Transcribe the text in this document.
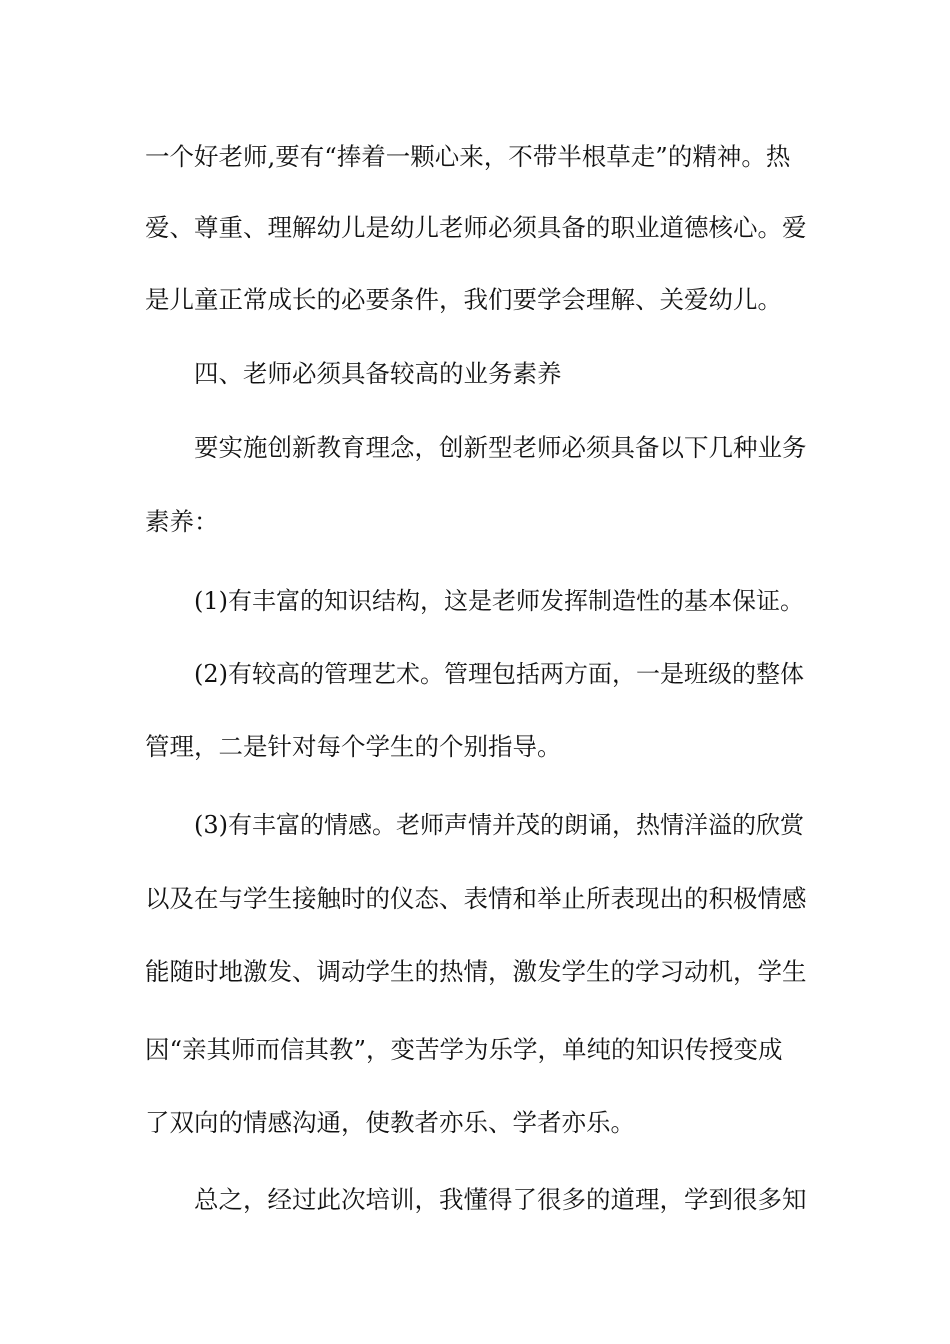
一个好老师,要有“捧着一颗心来，不带半根草走”的精神。热
爱、尊重、理解幼儿是幼儿老师必须具备的职业道德核心。爱
是儿童正常成长的必要条件，我们要学会理解、关爱幼儿。
四、老师必须具备较高的业务素养
要实施创新教育理念，创新型老师必须具备以下几种业务
素养：
(1)有丰富的知识结构，这是老师发挥制造性的基本保证。
(2)有较高的管理艺术。管理包括两方面，一是班级的整体
管理，二是针对每个学生的个别指导。
(3)有丰富的情感。老师声情并茂的朗诵，热情洋溢的欣赏
以及在与学生接触时的仪态、表情和举止所表现出的积极情感
能随时地激发、调动学生的热情，激发学生的学习动机，学生
因“亲其师而信其教”，变苦学为乐学，单纯的知识传授变成
了双向的情感沟通，使教者亦乐、学者亦乐。
总之，经过此次培训，我懂得了很多的道理，学到很多知
